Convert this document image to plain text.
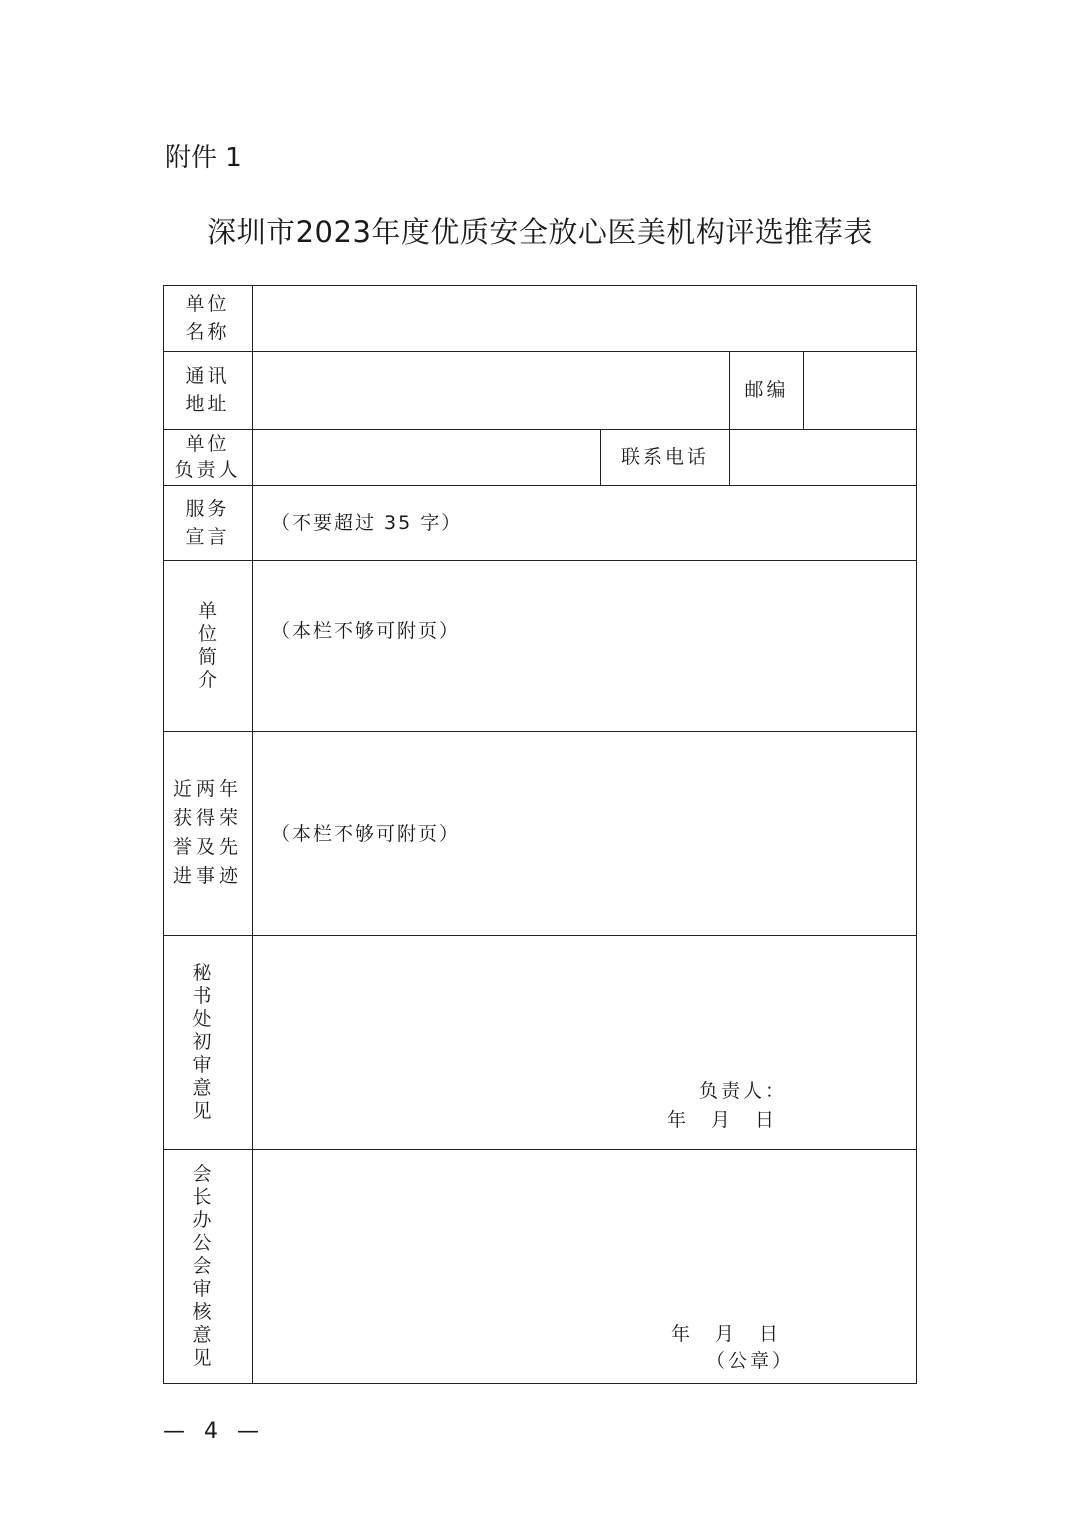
附件 1
深圳市2023年度优质安全放心医美机构评选推荐表
单位
名称
通讯
地址
邮编
单位
负责人
联系电话
服务
宣言
（不要超过 35 字）
单
位
简
介
（本栏不够可附页）
近两年
获得荣
誉及先
进事迹
（本栏不够可附页）
秘
书
处
初
审
意
见
负责人：
年　月　日
会
长
办
公
会
审
核
意
见
年　月　日
（公章）
— 4 —
